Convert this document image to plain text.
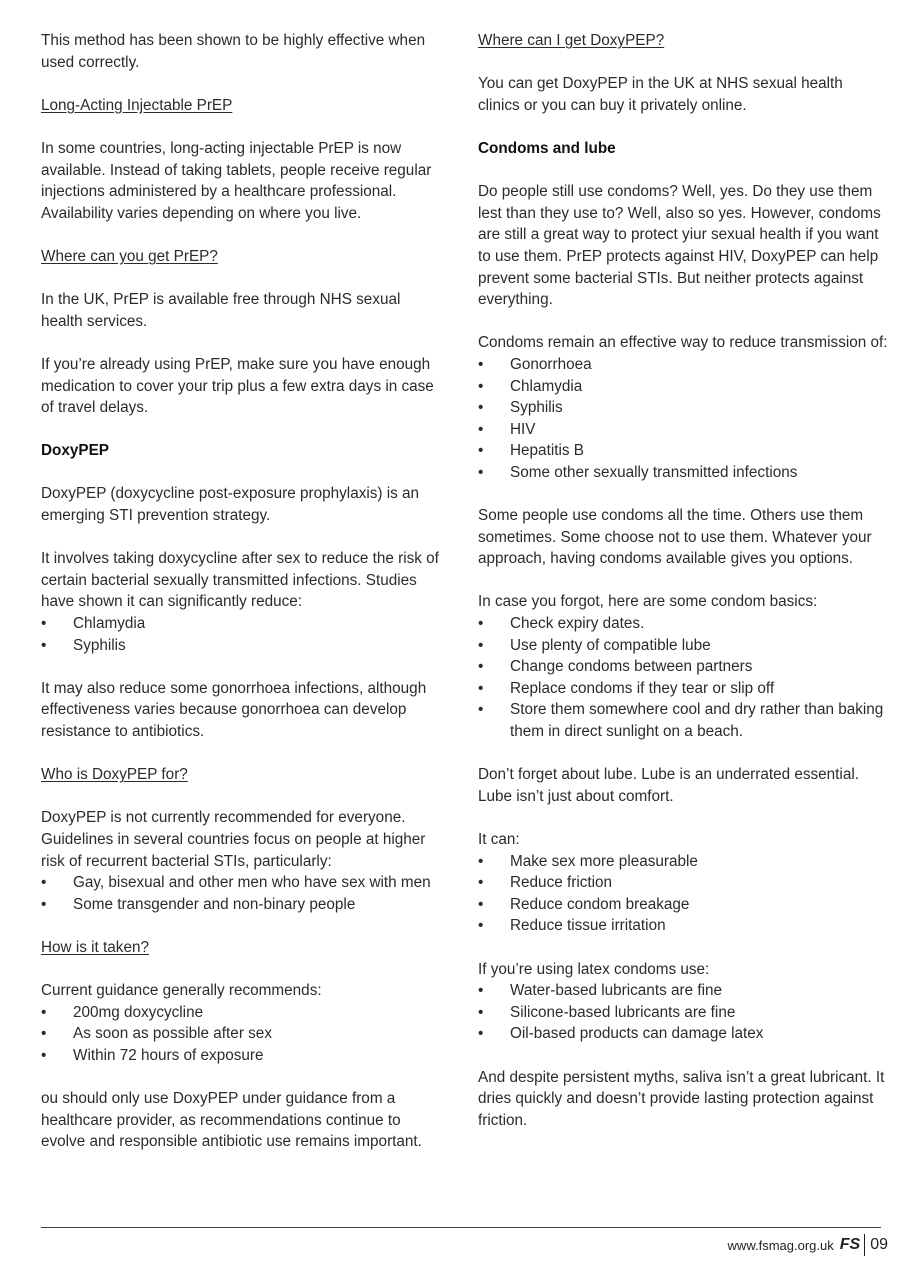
This method has been shown to be highly effective when used correctly.

Long-Acting Injectable PrEP

In some countries, long-acting injectable PrEP is now available. Instead of taking tablets, people receive regular injections administered by a healthcare professional. Availability varies depending on where you live.

Where can you get PrEP?

In the UK, PrEP is available free through NHS sexual health services.

If you’re already using PrEP, make sure you have enough medication to cover your trip plus a few extra days in case of travel delays.

DoxyPEP

DoxyPEP (doxycycline post-exposure prophylaxis) is an emerging STI prevention strategy.

It involves taking doxycycline after sex to reduce the risk of certain bacterial sexually transmitted infections. Studies have shown it can significantly reduce:
• Chlamydia
• Syphilis

It may also reduce some gonorrhoea infections, although effectiveness varies because gonorrhoea can develop resistance to antibiotics.

Who is DoxyPEP for?

DoxyPEP is not currently recommended for everyone. Guidelines in several countries focus on people at higher risk of recurrent bacterial STIs, particularly:
• Gay, bisexual and other men who have sex with men
• Some transgender and non-binary people

How is it taken?

Current guidance generally recommends:
• 200mg doxycycline
• As soon as possible after sex
• Within 72 hours of exposure

ou should only use DoxyPEP under guidance from a healthcare provider, as recommendations continue to evolve and responsible antibiotic use remains important.

Where can I get DoxyPEP?

You can get DoxyPEP in the UK at NHS sexual health clinics or you can buy it privately online.

Condoms and lube

Do people still use condoms? Well, yes. Do they use them lest than they use to? Well, also so yes. However, condoms are still a great way to protect yiur sexual health if you want to use them. PrEP protects against HIV, DoxyPEP can help prevent some bacterial STIs. But neither protects against everything.

Condoms remain an effective way to reduce transmission of:
• Gonorrhoea
• Chlamydia
• Syphilis
• HIV
• Hepatitis B
• Some other sexually transmitted infections

Some people use condoms all the time. Others use them sometimes. Some choose not to use them. Whatever your approach, having condoms available gives you options.

In case you forgot, here are some condom basics:
• Check expiry dates.
• Use plenty of compatible lube
• Change condoms between partners
• Replace condoms if they tear or slip off
• Store them somewhere cool and dry rather than baking them in direct sunlight on a beach.

Don’t forget about lube. Lube is an underrated essential. Lube isn’t just about comfort.

It can:
• Make sex more pleasurable
• Reduce friction
• Reduce condom breakage
• Reduce tissue irritation
If you’re using latex condoms use:
• Water-based lubricants are fine
• Silicone-based lubricants are fine
• Oil-based products can damage latex

And despite persistent myths, saliva isn’t a great lubricant. It dries quickly and doesn’t provide lasting protection against friction.

www.fsmag.org.uk FS 09
